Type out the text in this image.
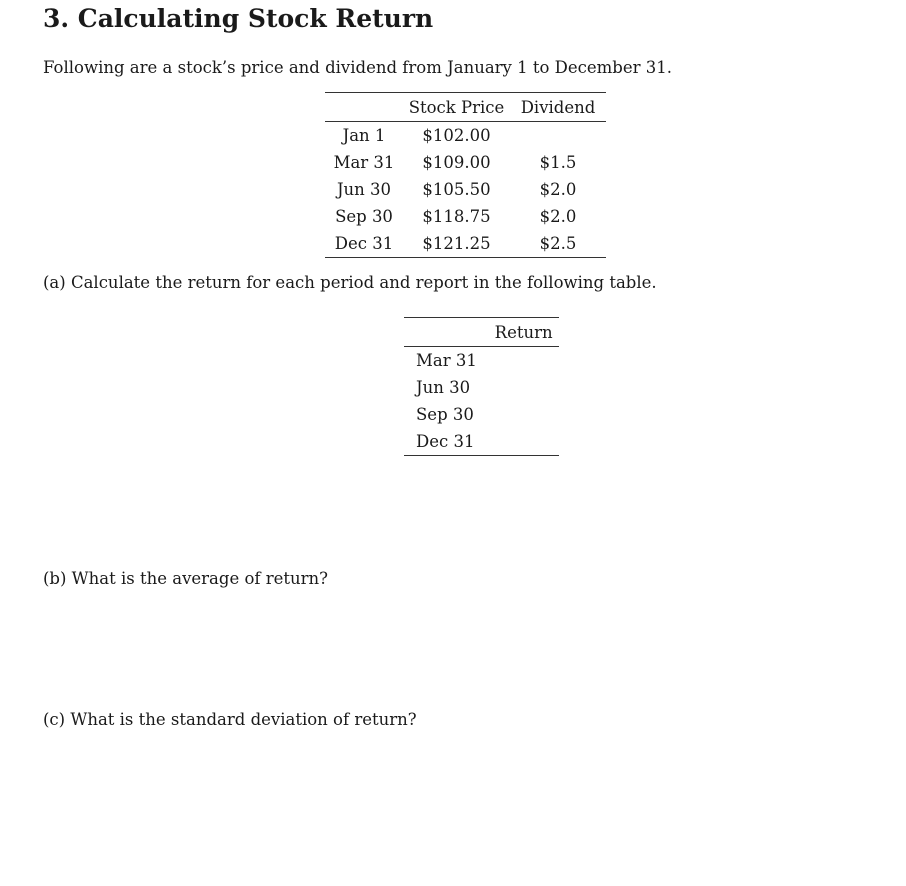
3. Calculating Stock Return
Following are a stock’s price and dividend from January 1 to December 31.
	Stock Price	Dividend
Jan 1	$102.00	
Mar 31	$109.00	$1.5
Jun 30	$105.50	$2.0
Sep 30	$118.75	$2.0
Dec 31	$121.25	$2.5
(a) Calculate the return for each period and report in the following table.
	Return
Mar 31	
Jun 30	
Sep 30	
Dec 31	
(b) What is the average of return?
(c) What is the standard deviation of return?
